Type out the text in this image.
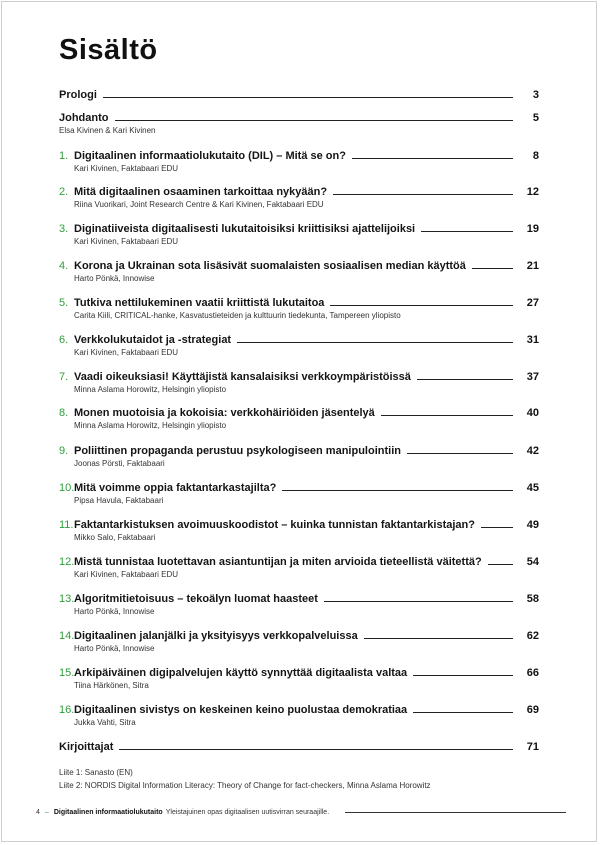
Sisältö
Prologi	3
Johdanto	5
Elsa Kivinen & Kari Kivinen
1. Digitaalinen informaatiolukutaito (DIL) – Mitä se on?	8
Kari Kivinen, Faktabaari EDU
2. Mitä digitaalinen osaaminen tarkoittaa nykyään?	12
Riina Vuorikari, Joint Research Centre & Kari Kivinen, Faktabaari EDU
3. Diginatiiveista digitaalisesti lukutaitoisiksi kriittisiksi ajattelijoiksi	19
Kari Kivinen, Faktabaari EDU
4. Korona ja Ukrainan sota lisäsivät suomalaisten sosiaalisen median käyttöä	21
Harto Pönkä, Innowise
5. Tutkiva nettilukeminen vaatii kriittistä lukutaitoa	27
Carita Kiili, CRITICAL-hanke, Kasvatustieteiden ja kulttuurin tiedekunta, Tampereen yliopisto
6. Verkkolukutaidot ja -strategiat	31
Kari Kivinen, Faktabaari EDU
7. Vaadi oikeuksiasi! Käyttäjistä kansalaisiksi verkkoympäristöissä	37
Minna Aslama Horowitz, Helsingin yliopisto
8. Monen muotoisia ja kokoisia: verkkohäiriöiden jäsentelyä	40
Minna Aslama Horowitz, Helsingin yliopisto
9. Poliittinen propaganda perustuu psykologiseen manipulointiin	42
Joonas Pörsti, Faktabaari
10. Mitä voimme oppia faktantarkastajilta?	45
Pipsa Havula, Faktabaari
11. Faktantarkistuksen avoimuuskoodistot – kuinka tunnistan faktantarkistajan?	49
Mikko Salo, Faktabaari
12. Mistä tunnistaa luotettavan asiantuntijan ja miten arvioida tieteellistä väitettä?	54
Kari Kivinen, Faktabaari EDU
13. Algoritmitietoisuus – tekoälyn luomat haasteet	58
Harto Pönkä, Innowise
14. Digitaalinen jalanjälki ja yksityisyys verkkopalveluissa	62
Harto Pönkä, Innowise
15. Arkipäiväinen digipalvelujen käyttö synnyttää digitaalista valtaa	66
Tiina Härkönen, Sitra
16. Digitaalinen sivistys on keskeinen keino puolustaa demokratiaa	69
Jukka Vahti, Sitra
Kirjoittajat	71
Liite 1: Sanasto (EN)
Liite 2: NORDIS Digital Information Literacy: Theory of Change for fact-checkers, Minna Aslama Horowitz
4 – Digitaalinen informaatiolukutaito Yleistajuinen opas digitaalisen uutisvirran seuraajille.
